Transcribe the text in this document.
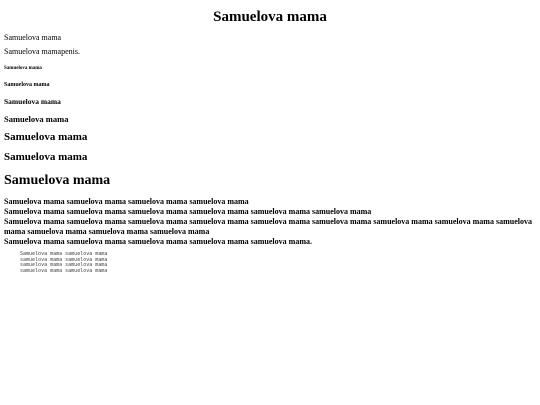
Samuelova mama

Samuelova mama

Samuelova mamapenis.

Samuelova mama
Samuelova mama
Samuelova mama
Samuelova mama
Samuelova mama
Samuelova mama
Samuelova mama
Samuelova mama samuelova mama samuelova mama samuelova mama
Samuelova mama samuelova mama samuelova mama samuelova mama samuelova mama samuelova mama
Samuelova mama samuelova mama samuelova mama samuelova mama samuelova mama samuelova mama samuelova mama samuelova mama samuelova mama samuelova mama samuelova mama samuelova mama
Samuelova mama samuelova mama samuelova mama samuelova mama samuelova mama.
Samuelova mama samuelova mama
samuelova mama samuelova mama
samuelova mama samuelova mama
samuelova mama samuelova mama
